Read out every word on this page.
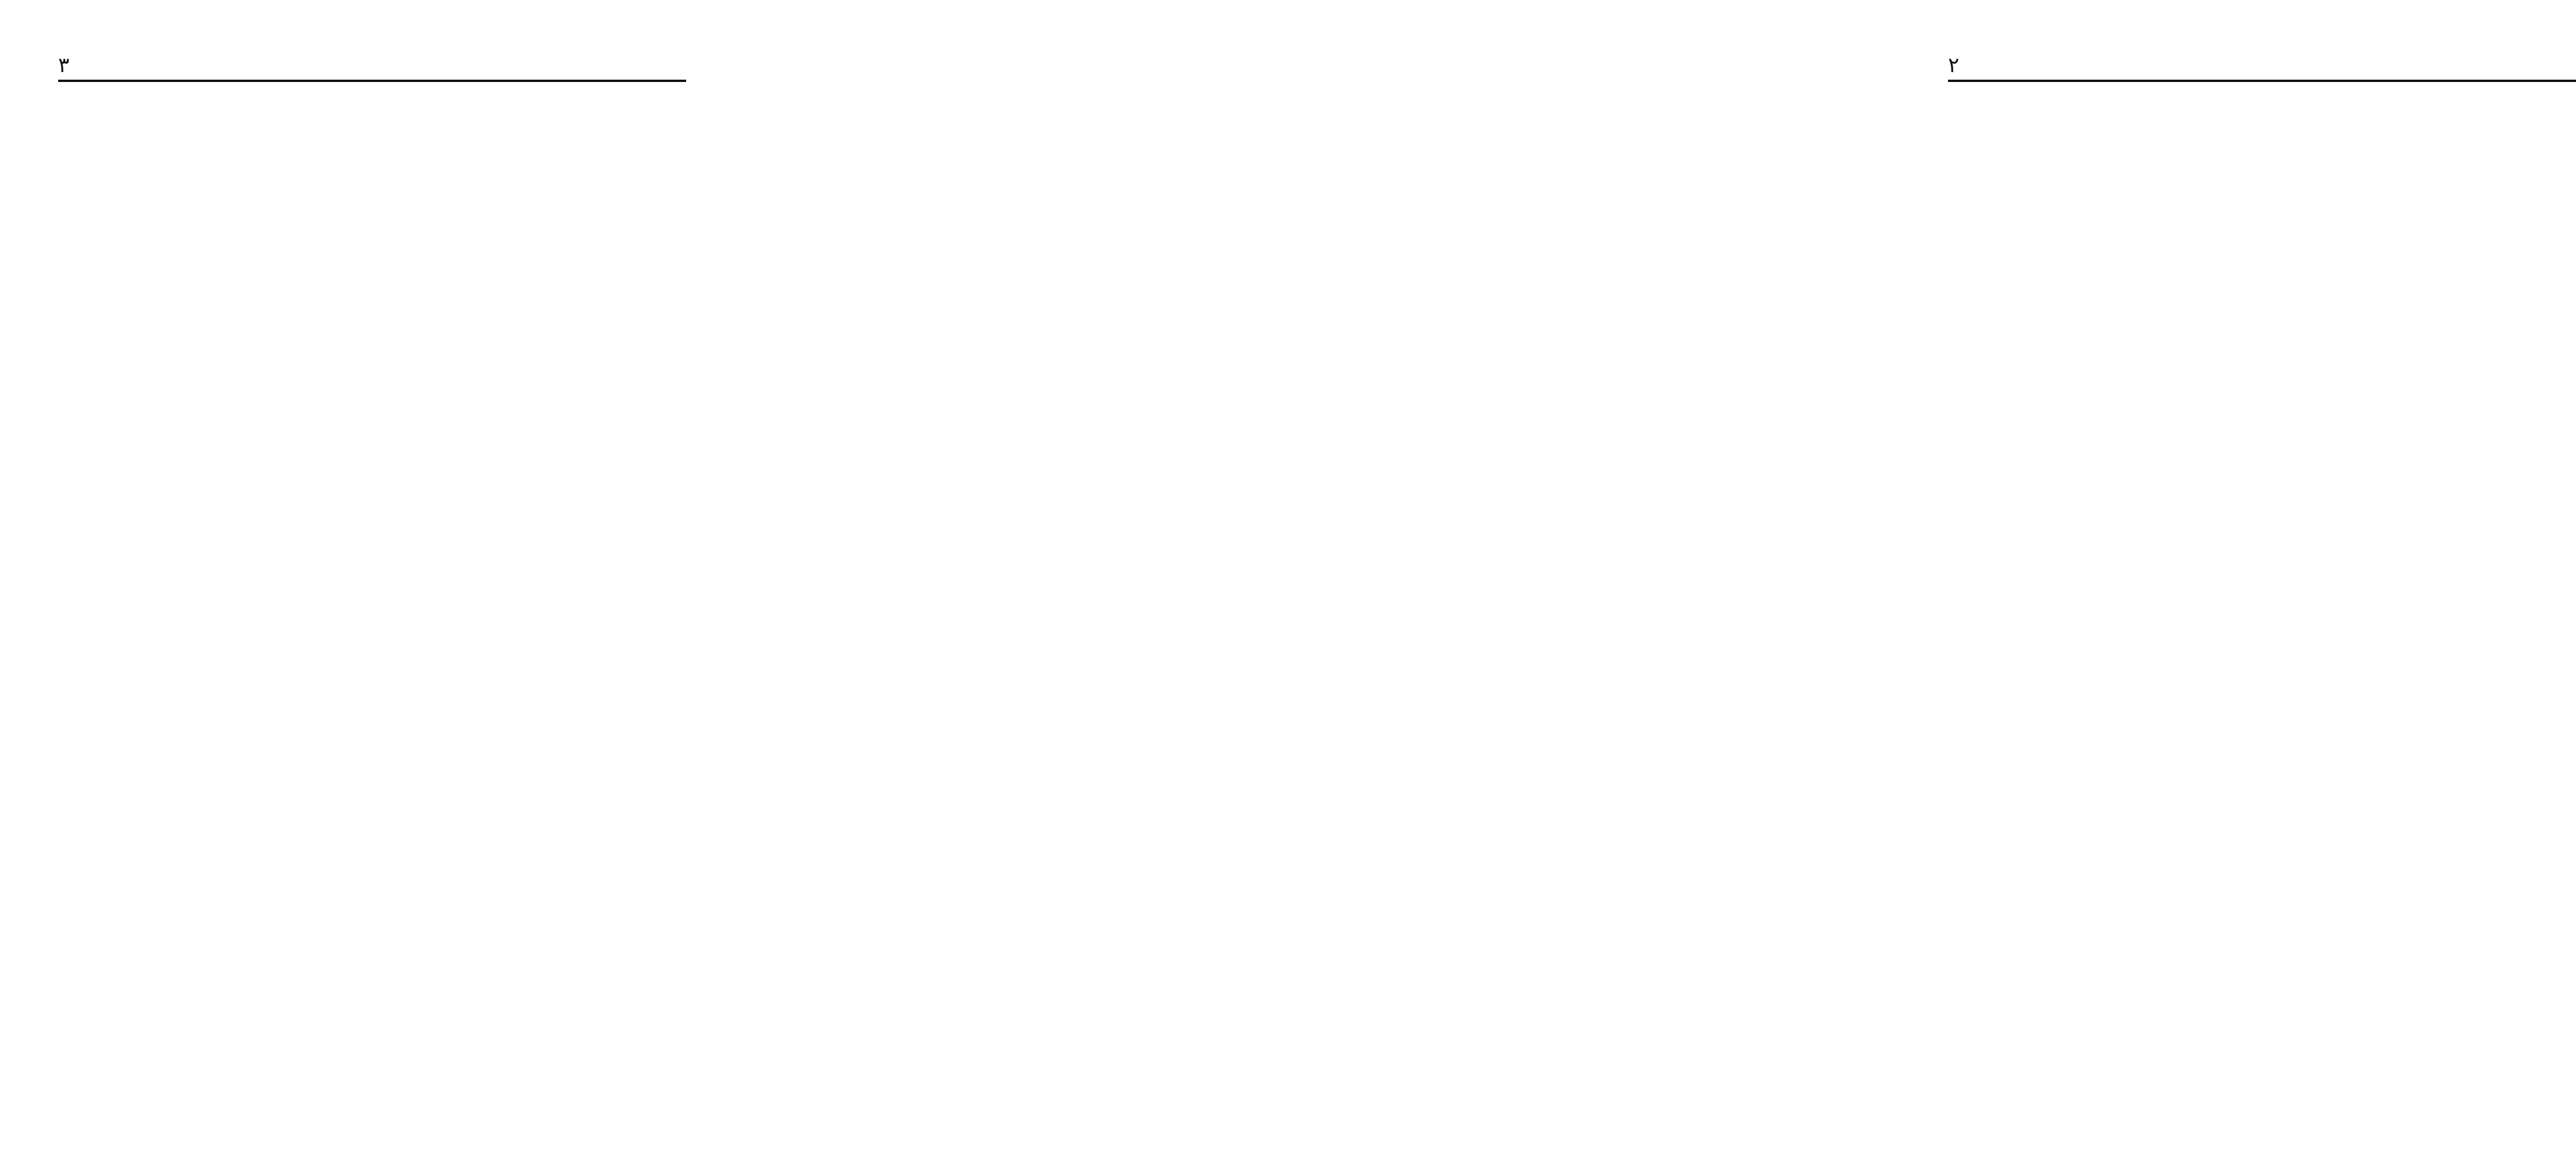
۳	۲
